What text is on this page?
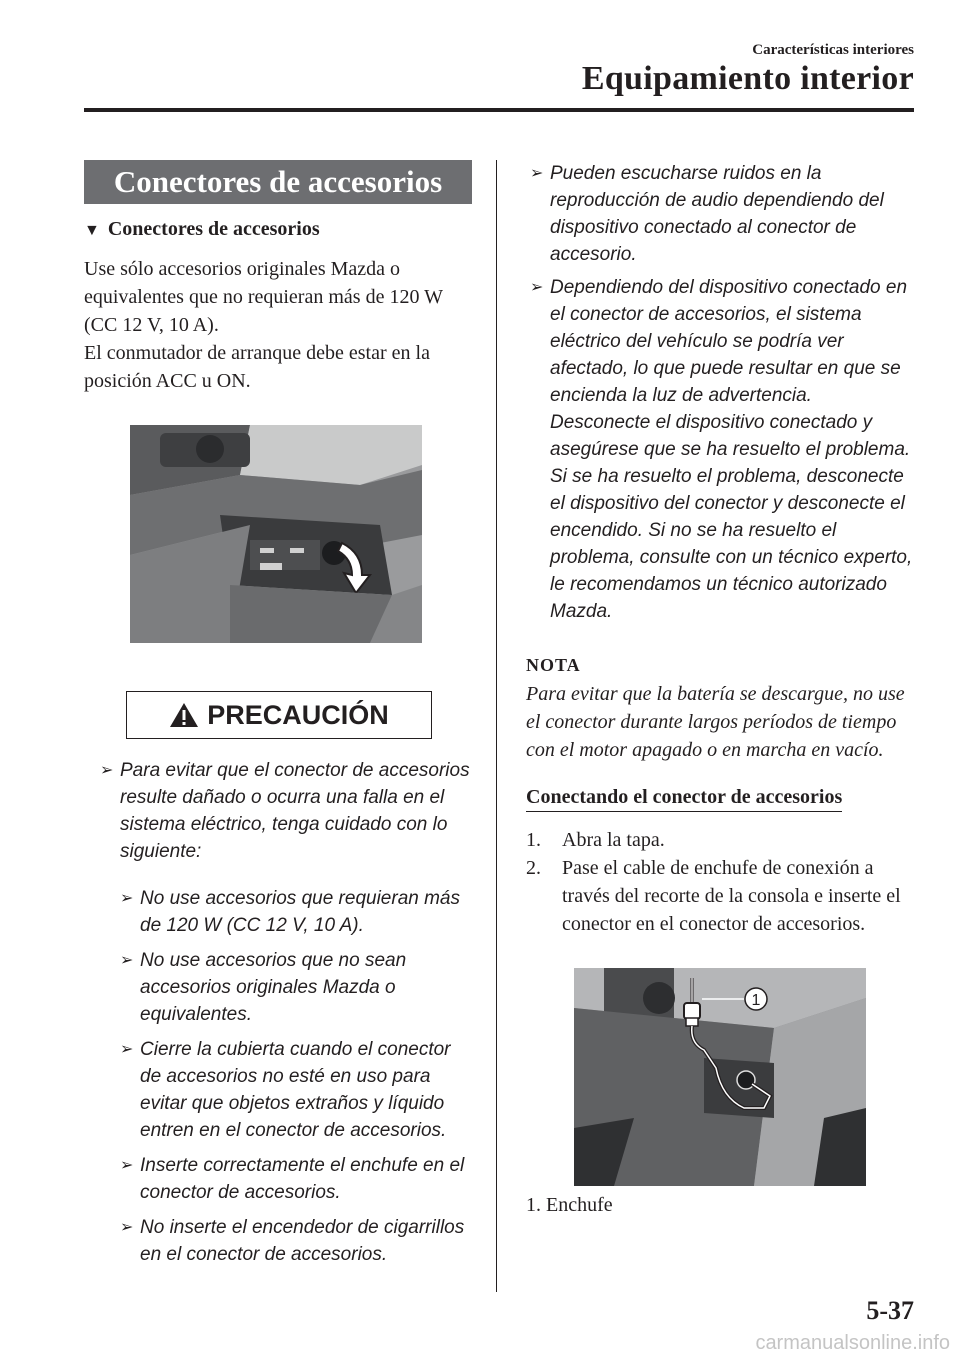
Características interiores
Equipamiento interior
Conectores de accesorios
▼ Conectores de accesorios
Use sólo accesorios originales Mazda o equivalentes que no requieran más de 120 W (CC 12 V, 10 A).
El conmutador de arranque debe estar en la posición ACC u ON.
PRECAUCIÓN
➢ Para evitar que el conector de accesorios resulte dañado o ocurra una falla en el sistema eléctrico, tenga cuidado con lo siguiente:
➢ No use accesorios que requieran más de 120 W (CC 12 V, 10 A).
➢ No use accesorios que no sean accesorios originales Mazda o equivalentes.
➢ Cierre la cubierta cuando el conector de accesorios no esté en uso para evitar que objetos extraños y líquido entren en el conector de accesorios.
➢ Inserte correctamente el enchufe en el conector de accesorios.
➢ No inserte el encendedor de cigarrillos en el conector de accesorios.
➢ Pueden escucharse ruidos en la reproducción de audio dependiendo del dispositivo conectado al conector de accesorio.
➢ Dependiendo del dispositivo conectado en el conector de accesorios, el sistema eléctrico del vehículo se podría ver afectado, lo que puede resultar en que se encienda la luz de advertencia. Desconecte el dispositivo conectado y asegúrese que se ha resuelto el problema. Si se ha resuelto el problema, desconecte el dispositivo del conector y desconecte el encendido. Si no se ha resuelto el problema, consulte con un técnico experto, le recomendamos un técnico autorizado Mazda.
NOTA
Para evitar que la batería se descargue, no use el conector durante largos períodos de tiempo con el motor apagado o en marcha en vacío.
Conectando el conector de accesorios
1. Abra la tapa.
2. Pase el cable de enchufe de conexión a través del recorte de la consola e inserte el conector en el conector de accesorios.
1
1. Enchufe
5-37
carmanualsonline.info
